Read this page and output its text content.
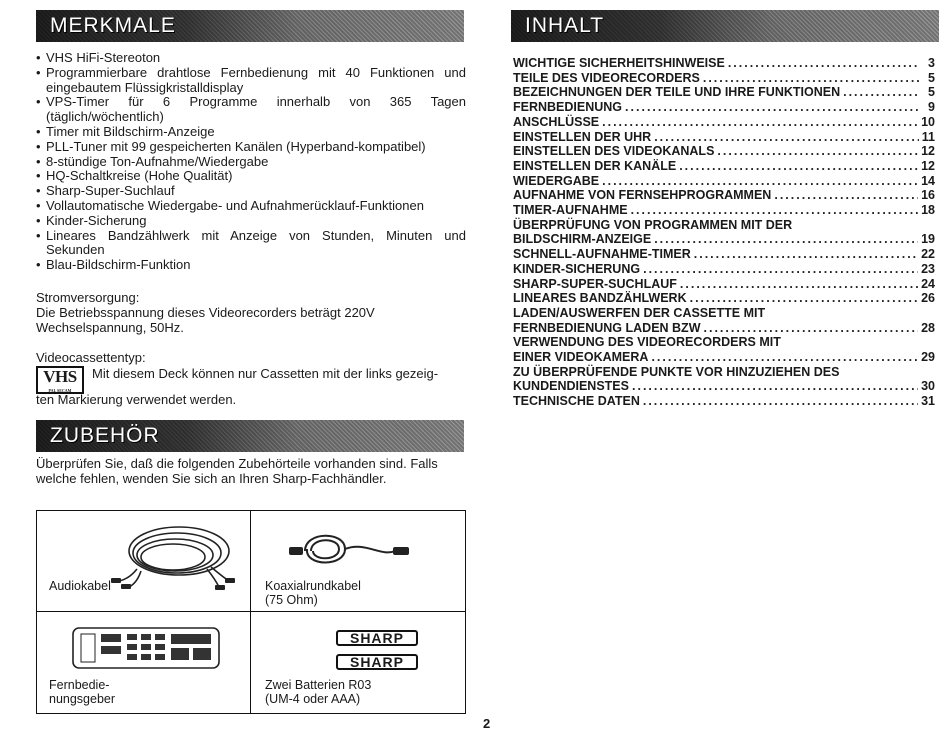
MERKMALE
• VHS HiFi-Stereoton
• Programmierbare drahtlose Fernbedienung mit 40 Funktionen und eingebautem Flüssigkristalldisplay
• VPS-Timer für 6 Programme innerhalb von 365 Tagen (täglich/wöchentlich)
• Timer mit Bildschirm-Anzeige
• PLL-Tuner mit 99 gespeicherten Kanälen (Hyperband-kompatibel)
• 8-stündige Ton-Aufnahme/Wiedergabe
• HQ-Schaltkreise (Hohe Qualität)
• Sharp-Super-Suchlauf
• Vollautomatische Wiedergabe- und Aufnahmerücklauf-Funktionen
• Kinder-Sicherung
• Lineares Bandzählwerk mit Anzeige von Stunden, Minuten und Sekunden
• Blau-Bildschirm-Funktion

Stromversorgung:

Die Betriebsspannung dieses Videorecorders beträgt 220V Wechselspannung, 50Hz.

Videocassettentyp:

VHS
PAL SECAM

Mit diesem Deck können nur Cassetten mit der links gezeig-

ten Markierung verwendet werden.

ZUBEHÖR

Überprüfen Sie, daß die folgenden Zubehörteile vorhanden sind. Falls welche fehlen, wenden Sie sich an Ihren Sharp-Fachhändler.

Audiokabel	Koaxialrundkabel
(75 Ohm)

Fernbedie-
nungsgeber

SHARP
SHARP

Zwei Batterien R03
(UM-4 oder AAA)

INHALT
WICHTIGE SICHERHEITSHINWEISE .....	3
TEILE DES VIDEORECORDERS .....	5
BEZEICHNUNGEN DER TEILE UND IHRE FUNKTIONEN .....	5
FERNBEDIENUNG .....	9
ANSCHLÜSSE .....	10
EINSTELLEN DER UHR .....	11
EINSTELLEN DES VIDEOKANALS .....	12
EINSTELLEN DER KANÄLE .....	12
WIEDERGABE .....	14
AUFNAHME VON FERNSEHPROGRAMMEN .....	16
TIMER-AUFNAHME .....	18
ÜBERPRÜFUNG VON PROGRAMMEN MIT DER
BILDSCHIRM-ANZEIGE .....	19
SCHNELL-AUFNAHME-TIMER .....	22
KINDER-SICHERUNG .....	23
SHARP-SUPER-SUCHLAUF .....	24
LINEARES BANDZÄHLWERK .....	26
LADEN/AUSWERFEN DER CASSETTE MIT
FERNBEDIENUNG LADEN BZW .....	28
VERWENDUNG DES VIDEORECORDERS MIT
EINER VIDEOKAMERA .....	29
ZU ÜBERPRÜFENDE PUNKTE VOR HINZUZIEHEN DES
KUNDENDIENSTES .....	30
TECHNISCHE DATEN .....	31
2
